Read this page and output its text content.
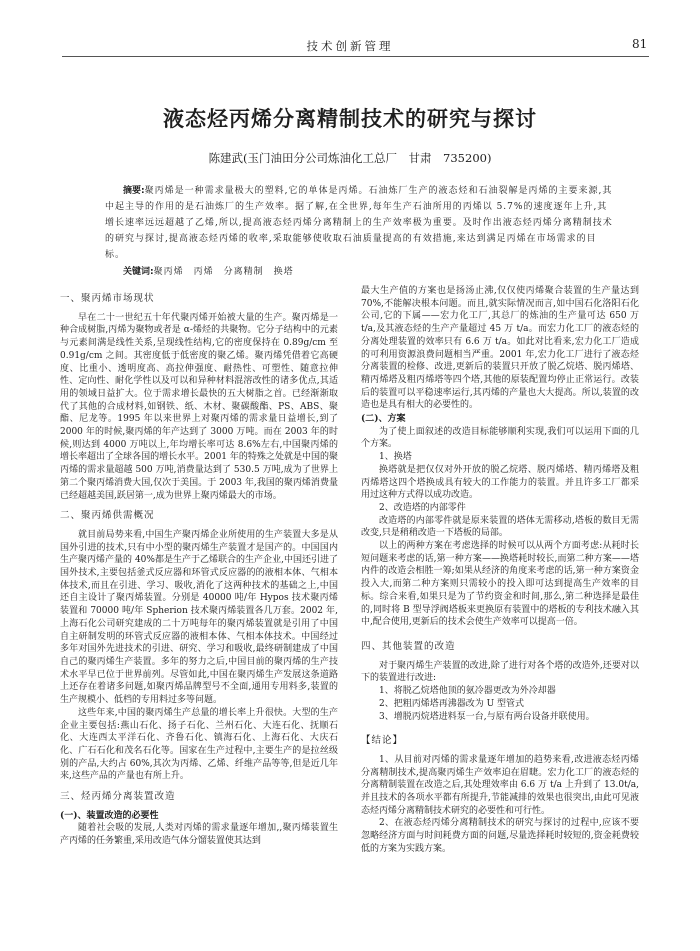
技术创新管理	81
液态烃丙烯分离精制技术的研究与探讨
陈建武(玉门油田分公司炼油化工总厂　甘肃　735200)

摘要:聚丙烯是一种需求量极大的塑料,它的单体是丙烯。石油炼厂生产的液态烃和石油裂解是丙烯的主要来源,其中起主导的作用的是石油炼厂的生产效率。据了解,在全世界,每年生产石油所用的丙烯以 5.7%的速度逐年上升,其增长速率远远超越了乙烯,所以,提高液态烃丙烯分离精制上的生产效率极为重要。及时作出液态烃丙烯分离精制技术的研究与探讨,提高液态烃丙烯的收率,采取能够使收取石油质量提高的有效措施,来达到满足丙烯在市场需求的目标。

关键词:聚丙烯　丙烯　分离精制　换塔
一、聚丙烯市场现状

早在二十一世纪五十年代聚丙烯开始被大量的生产。聚丙烯是一种合成树脂,丙烯为聚物或者是 α-烯烃的共聚物。它分子结构中的元素与元素间满是线性关系,呈现线性结构,它的密度保持在 0.89g/cm 至 0.91g/cm 之间。其密度低于低密度的聚乙烯。聚丙烯凭借着它高硬度、比重小、透明度高、高拉伸强度、耐热性、可塑性、随意拉伸性、定向性、耐化学性以及可以和异种材料混溶改性的诸多优点,其适用的领域日益扩大。位于需求增长最快的五大树脂之首。已经渐渐取代了其他的合成材料,如钢铁、纸、木材、聚碳酸酯、PS、ABS、聚酯、尼龙等。1995 年以来世界上对聚丙烯的需求量日益增长,到了 2000 年的时候,聚丙烯的年产达到了 3000 万吨。而在 2003 年的时候,则达到 4000 万吨以上,年均增长率可达 8.6%左右,中国聚丙烯的增长率超出了全球各国的增长水平。2001 年的特殊之处就是中国的聚丙烯的需求量超越 500 万吨,消费量达到了 530.5 万吨,成为了世界上第二个聚丙烯消费大国,仅次于美国。于 2003 年,我国的聚丙烯消费量已经超越美国,跃居第一,成为世界上聚丙烯最大的市场。

二、聚丙烯供需概况

就目前局势来看,中国生产聚丙烯企业所使用的生产装置大多是从国外引进的技术,只有中小型的聚丙烯生产装置才是国产的。中国国内生产聚丙烯产量的 40%都是生产于乙烯联合的生产企业,中国还引进了国外技术,主要包括釜式反应器和环管式反应器的的液相本体、气相本体技术,而且在引进、学习、吸收,消化了这两种技术的基础之上,中国还自主设计了聚丙烯装置。分别是 40000 吨/年 Hypos 技术聚丙烯装置和 70000 吨/年 Spherion 技术聚丙烯装置各几万套。2002 年,上海石化公司研究建成的二十万吨每年的聚丙烯装置就是引用了中国自主研制发明的环管式反应器的液相本体、气相本体技术。中国经过多年对国外先进技术的引进、研究、学习和吸收,最终研制建成了中国自己的聚丙烯生产装置。多年的努力之后,中国目前的聚丙烯的生产技术水平早已位于世界前列。尽管如此,中国在聚丙烯生产发展这条道路上还存在着诸多问题,如聚丙烯品牌型号不全面,通用专用料多,装置的生产规模小、低档的专用料过多等问题。

这些年来,中国的聚丙烯生产总量的增长率上升很快。大型的生产企业主要包括:燕山石化、扬子石化、兰州石化、大连石化、抚顺石化、大连西太平洋石化、齐鲁石化、镇海石化、上海石化、大庆石化、广石石化和茂名石化等。国家在生产过程中,主要生产的是拉丝级别的产品,大约占 60%,其次为丙烯、乙烯、纤维产品等等,但是近几年来,这些产品的产量也有所上升。

三、烃丙烯分离装置改造
(一)、装置改造的必要性

随着社会吸的发展,人类对丙烯的需求量逐年增加,,聚丙烯装置生产丙烯的任务繁重,采用改造气体分馏装置使其达到

最大生产值的方案也是扬汤止沸,仅仅使丙烯聚合装置的生产量达到 70%,不能解决根本问题。而且,就实际情况而言,如中国石化洛阳石化公司,它的下属——宏力化工厂,其总厂的炼油的生产量可达 650 万 t/a,及其液态烃的生产产量超过 45 万 t/a。而宏力化工厂的液态烃的分离处理装置的效率只有 6.6 万 t/a。如此对比看来,宏力化工厂造成的可利用资源浪费问题相当严重。2001 年,宏力化工厂进行了液态烃分离装置的检修、改进,更新后的装置只开放了脱乙烷塔、脱丙烯塔、精丙烯塔及粗丙烯塔等四个塔,其他的原装配置均停止正常运行。改装后的装置可以平稳速率运行,其丙烯的产量也大大提高。所以,装置的改造也是具有相大的必要性的。

(二)、方案

为了使上面叙述的改造目标能够顺利实现,我们可以运用下面的几个方案。

1、换塔

换塔就是把仅仅对外开放的脱乙烷塔、脱丙烯塔、精丙烯塔及粗丙烯塔这四个塔换成具有较大的工作能力的装置。并且许多工厂都采用过这种方式得以成功改造。

2、改造塔的内部零件

改造塔的内部零件就是原来装置的塔体无需移动,塔板的数目无需改变,只是稍稍改造一下塔板的局部。

以上的两种方案在考虑选择的时候可以从两个方面考虑:从耗时长短问题来考虑的话,第一种方案——换塔耗时较长,而第二种方案——塔内件的改造会相胜一筹;如果从经济的角度来考虑的话,第一种方案资金投入大,而第二种方案则只需较小的投入即可达到提高生产效率的目标。综合来看,如果只是为了节约资金和时间,那么,第二种选择是最佳的,同时将 B 型导浮阀塔板来更换原有装置中的塔板的专利技术融入其中,配合使用,更新后的技术会使生产效率可以提高一倍。

四、其他装置的改造

对于聚丙烯生产装置的改进,除了进行对各个塔的改造外,还要对以下的装置进行改进:

1、将脱乙烷塔他顶的氨冷器更改为外冷却器

2、把粗丙烯塔再沸器改为 U 型管式

3、增脱丙烷塔进料泵一台,与原有两台设备并联使用。

【结论】

1、从目前对丙烯的需求量逐年增加的趋势来看,改进液态烃丙烯分离精制技术,提高聚丙烯生产效率迫在眉睫。宏力化工厂的液态烃的分离精制装置在改造之后,其处理效率由 6.6 万 t/a 上升到了 13.0t/a,并且技术的各项水平都有所提升,节能减排的效果也很突出,由此可见液态烃丙烯分离精制技术研究的必要性和可行性。

2、在液态烃丙烯分离精制技术的研究与探讨的过程中,应该不要忽略经济方面与时间耗费方面的问题,尽量选择耗时较短的,资金耗费较低的方案为实践方案。
